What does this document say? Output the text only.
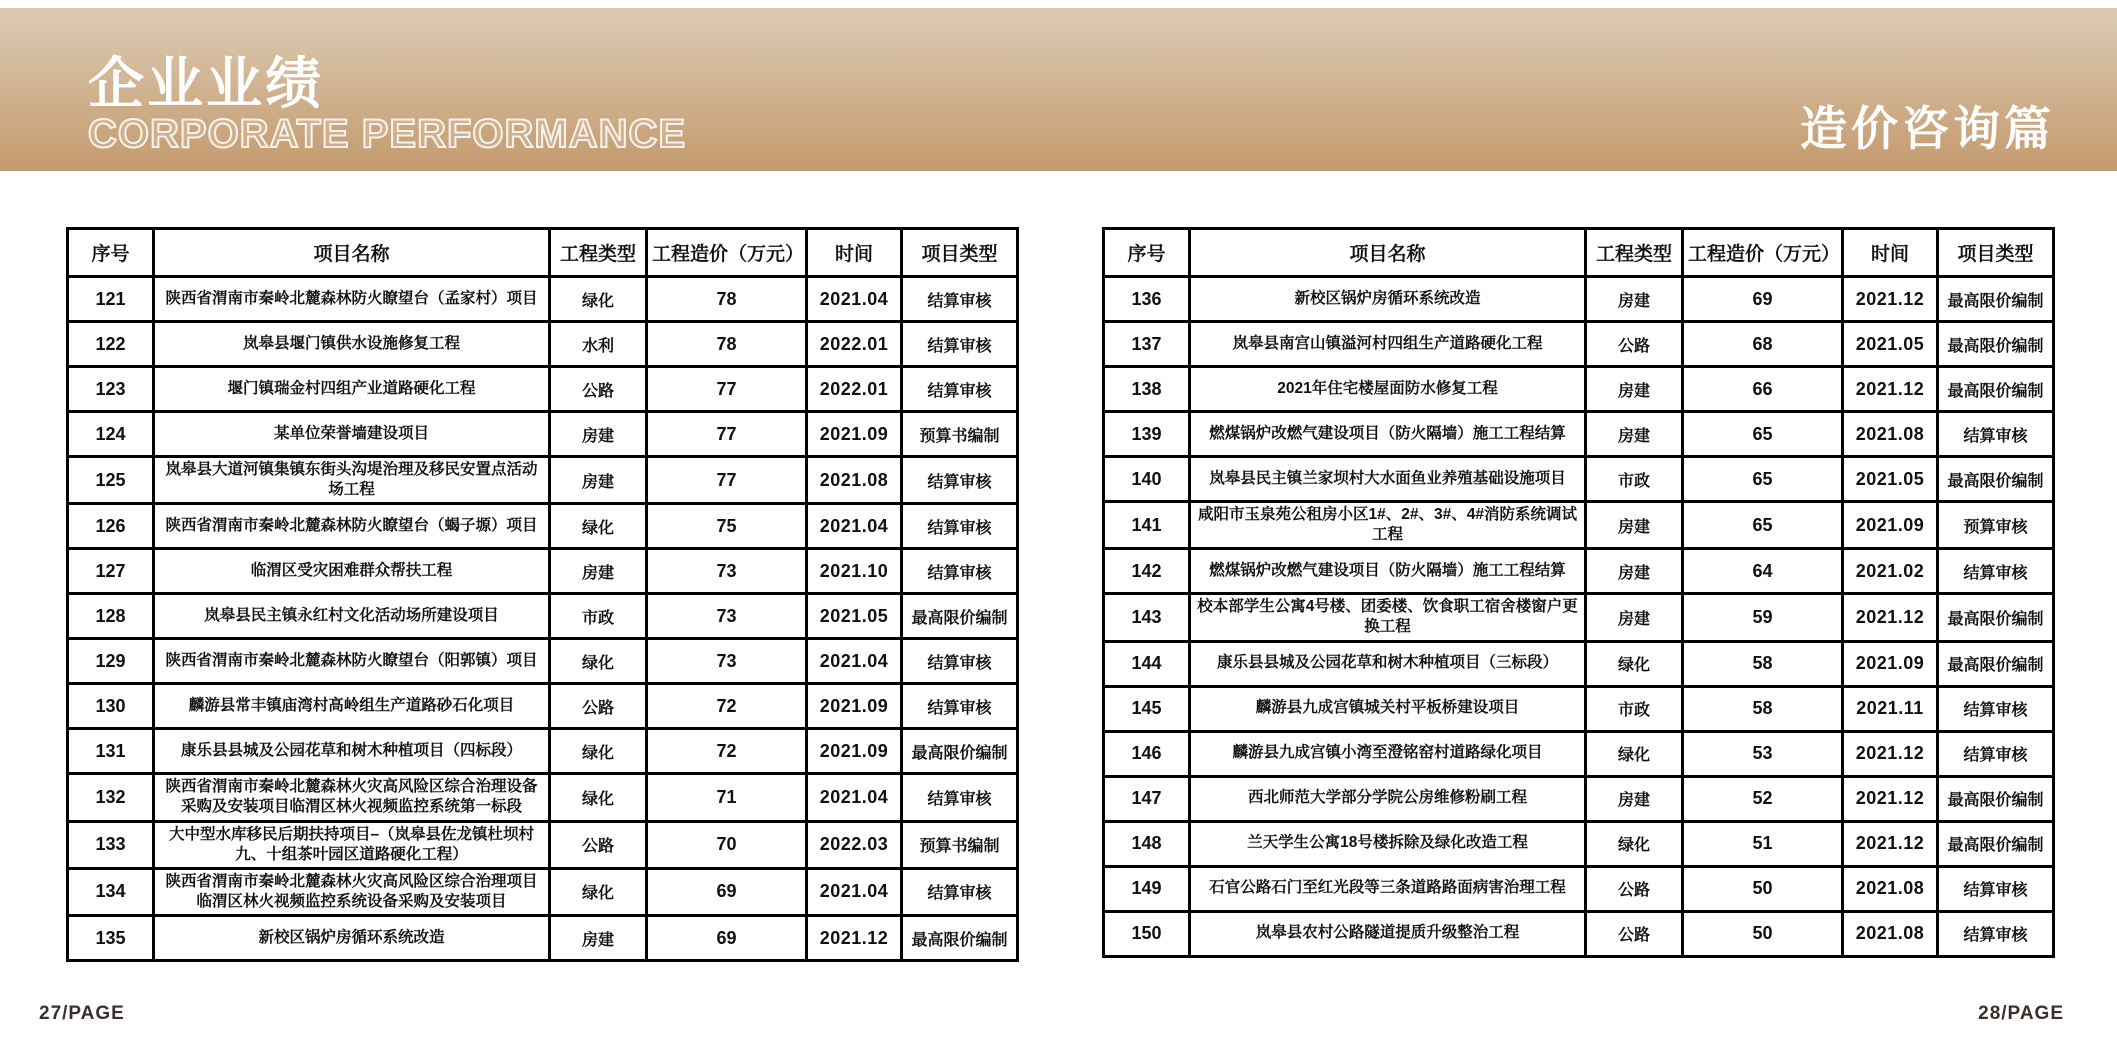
企业业绩
CORPORATE PERFORMANCE	造价咨询篇
序号	项目名称	工程类型	工程造价（万元）	时间	项目类型
121	陕西省渭南市秦岭北麓森林防火瞭望台（孟家村）项目	绿化	78	2021.04	结算审核
122	岚皋县堰门镇供水设施修复工程	水利	78	2022.01	结算审核
123	堰门镇瑞金村四组产业道路硬化工程	公路	77	2022.01	结算审核
124	某单位荣誉墙建设项目	房建	77	2021.09	预算书编制
125	岚皋县大道河镇集镇东街头沟堤治理及移民安置点活动场工程	房建	77	2021.08	结算审核
126	陕西省渭南市秦岭北麓森林防火瞭望台（蝎子塬）项目	绿化	75	2021.04	结算审核
127	临渭区受灾困难群众帮扶工程	房建	73	2021.10	结算审核
128	岚皋县民主镇永红村文化活动场所建设项目	市政	73	2021.05	最高限价编制
129	陕西省渭南市秦岭北麓森林防火瞭望台（阳郭镇）项目	绿化	73	2021.04	结算审核
130	麟游县常丰镇庙湾村高岭组生产道路砂石化项目	公路	72	2021.09	结算审核
131	康乐县县城及公园花草和树木种植项目（四标段）	绿化	72	2021.09	最高限价编制
132	陕西省渭南市秦岭北麓森林火灾高风险区综合治理设备采购及安装项目临渭区林火视频监控系统第一标段	绿化	71	2021.04	结算审核
133	大中型水库移民后期扶持项目–（岚皋县佐龙镇杜坝村九、十组茶叶园区道路硬化工程）	公路	70	2022.03	预算书编制
134	陕西省渭南市秦岭北麓森林火灾高风险区综合治理项目临渭区林火视频监控系统设备采购及安装项目	绿化	69	2021.04	结算审核
135	新校区锅炉房循环系统改造	房建	69	2021.12	最高限价编制
序号	项目名称	工程类型	工程造价（万元）	时间	项目类型
136	新校区锅炉房循环系统改造	房建	69	2021.12	最高限价编制
137	岚皋县南宫山镇溢河村四组生产道路硬化工程	公路	68	2021.05	最高限价编制
138	2021年住宅楼屋面防水修复工程	房建	66	2021.12	最高限价编制
139	燃煤锅炉改燃气建设项目（防火隔墙）施工工程结算	房建	65	2021.08	结算审核
140	岚皋县民主镇兰家坝村大水面鱼业养殖基础设施项目	市政	65	2021.05	最高限价编制
141	咸阳市玉泉苑公租房小区1#、2#、3#、4#消防系统调试工程	房建	65	2021.09	预算审核
142	燃煤锅炉改燃气建设项目（防火隔墙）施工工程结算	房建	64	2021.02	结算审核
143	校本部学生公寓4号楼、团委楼、饮食职工宿舍楼窗户更换工程	房建	59	2021.12	最高限价编制
144	康乐县县城及公园花草和树木种植项目（三标段）	绿化	58	2021.09	最高限价编制
145	麟游县九成宫镇城关村平板桥建设项目	市政	58	2021.11	结算审核
146	麟游县九成宫镇小湾至澄铭窑村道路绿化项目	绿化	53	2021.12	结算审核
147	西北师范大学部分学院公房维修粉刷工程	房建	52	2021.12	最高限价编制
148	兰天学生公寓18号楼拆除及绿化改造工程	绿化	51	2021.12	最高限价编制
149	石官公路石门至红光段等三条道路路面病害治理工程	公路	50	2021.08	结算审核
150	岚皋县农村公路隧道提质升级整治工程	公路	50	2021.08	结算审核
27/PAGE	28/PAGE
